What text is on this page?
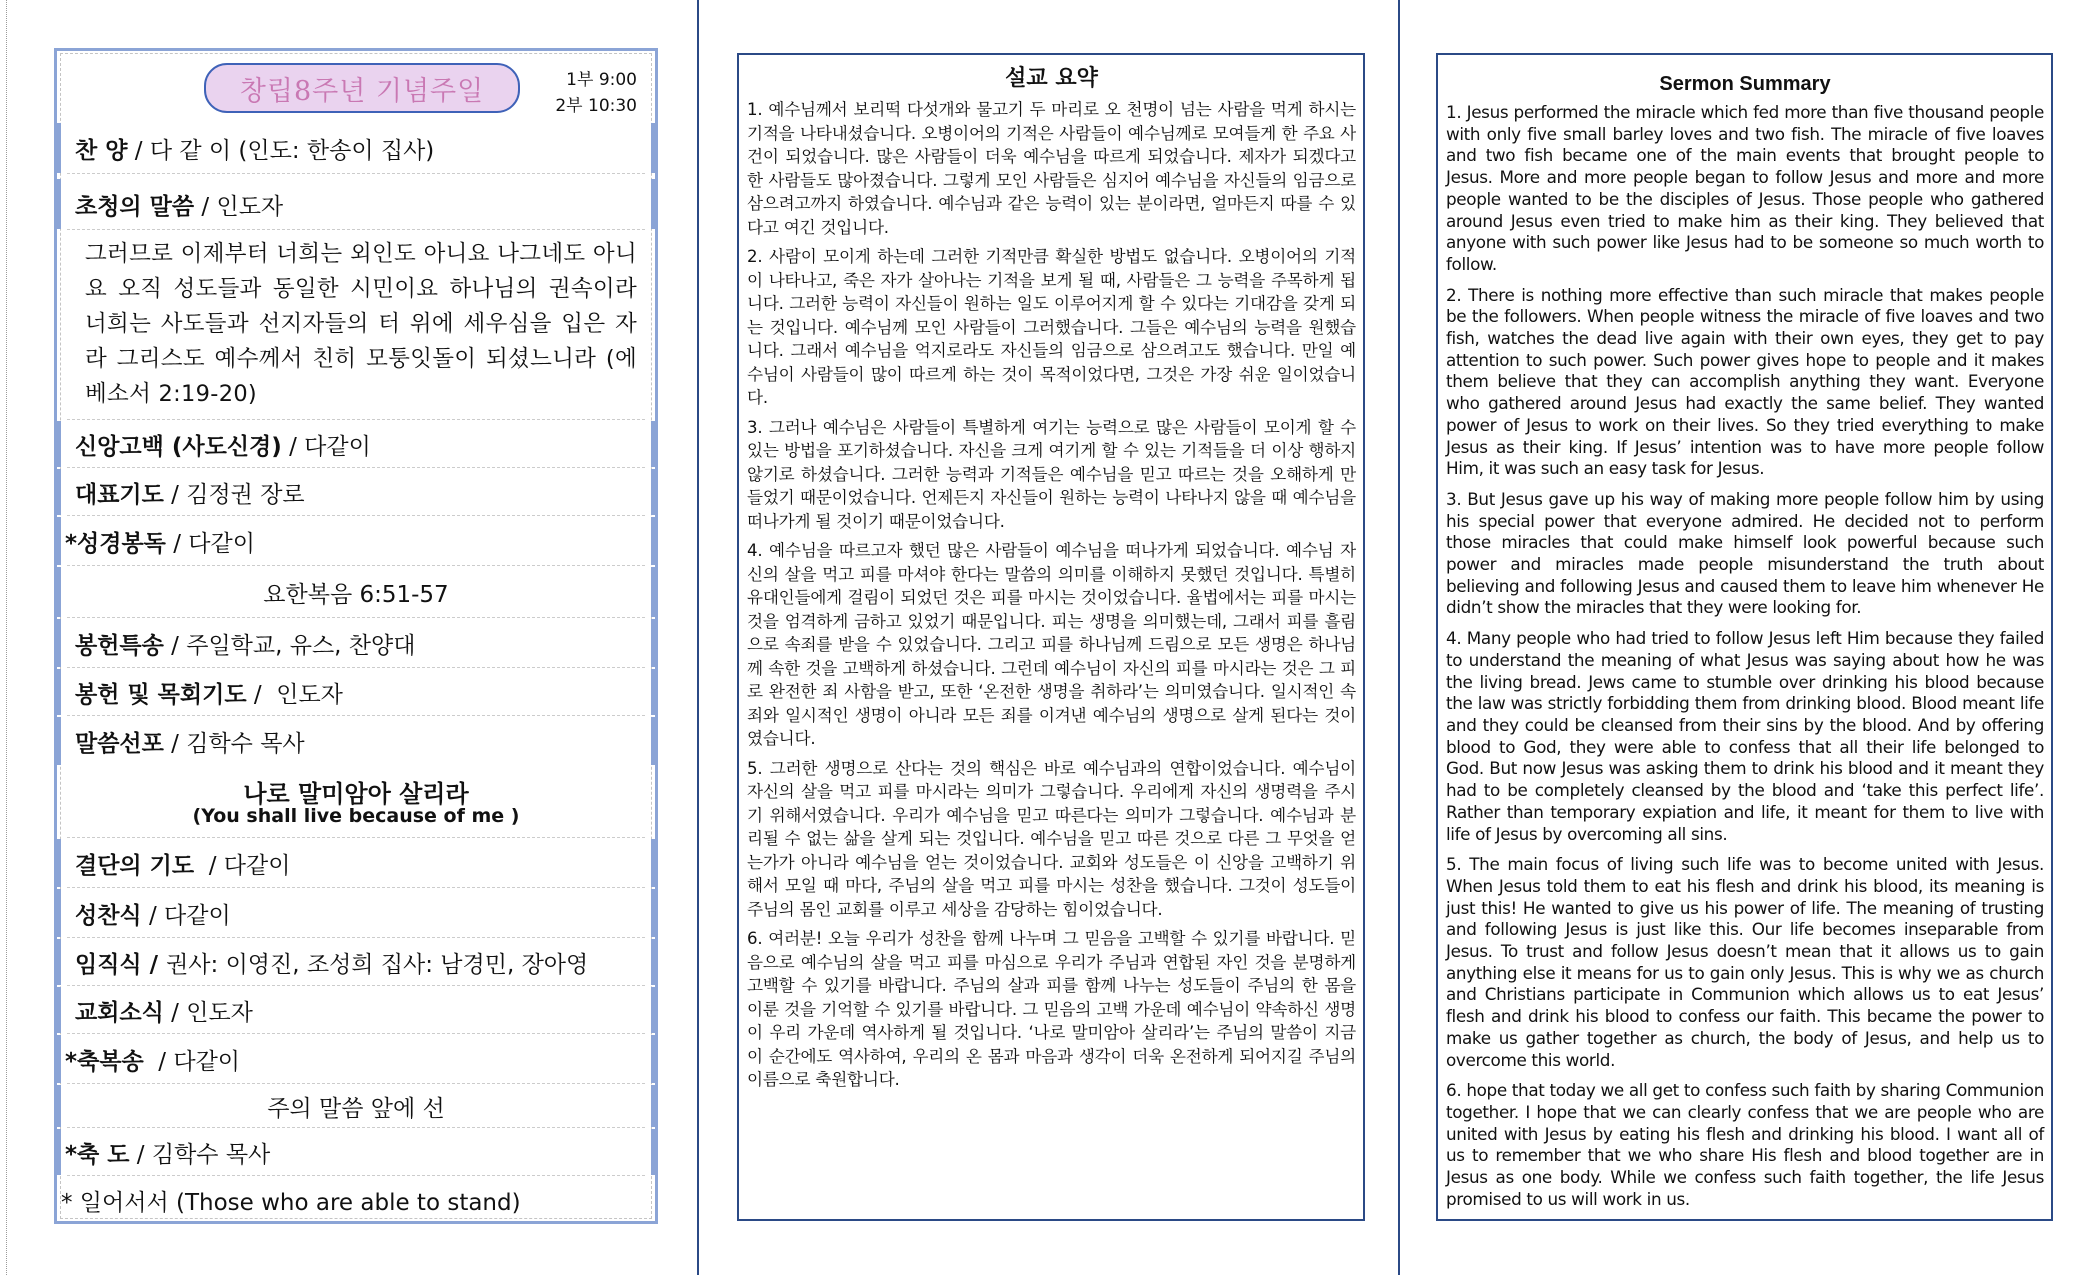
창립8주년 기념주일	1부 9:00
2부 10:30
찬 양 / 다 같 이 (인도: 한송이 집사)
초청의 말씀 / 인도자
그러므로 이제부터 너희는 외인도 아니요 나그네도 아니요 오직 성도들과 동일한 시민이요 하나님의 권속이라 너희는 사도들과 선지자들의 터 위에 세우심을 입은 자라 그리스도 예수께서 친히 모퉁잇돌이 되셨느니라 (에베소서 2:19-20)
신앙고백 (사도신경) / 다같이
대표기도 / 김정권 장로
*성경봉독 / 다같이
요한복음 6:51-57
봉헌특송 / 주일학교, 유스, 찬양대
봉헌 및 목회기도 /  인도자
말씀선포 / 김학수 목사
나로 말미암아 살리라
(You shall live because of me )
결단의 기도 / 다같이
성찬식 / 다같이
임직식 / 권사: 이영진, 조성희 집사: 남경민, 장아영
교회소식 / 인도자
*축복송 / 다같이
주의 말씀 앞에 선
*축 도 / 김학수 목사
* 일어서서 (Those who are able to stand)
설교 요약

1. 예수님께서 보리떡 다섯개와 물고기 두 마리로 오 천명이 넘는 사람을 먹게 하시는 기적을 나타내셨습니다. 오병이어의 기적은 사람들이 예수님께로 모여들게 한 주요 사건이 되었습니다. 많은 사람들이 더욱 예수님을 따르게 되었습니다. 제자가 되겠다고 한 사람들도 많아졌습니다. 그렇게 모인 사람들은 심지어 예수님을 자신들의 임금으로 삼으려고까지 하였습니다. 예수님과 같은 능력이 있는 분이라면, 얼마든지 따를 수 있다고 여긴 것입니다.

2. 사람이 모이게 하는데 그러한 기적만큼 확실한 방법도 없습니다. 오병이어의 기적이 나타나고, 죽은 자가 살아나는 기적을 보게 될 때, 사람들은 그 능력을 주목하게 됩니다. 그러한 능력이 자신들이 원하는 일도 이루어지게 할 수 있다는 기대감을 갖게 되는 것입니다. 예수님께 모인 사람들이 그러했습니다. 그들은 예수님의 능력을 원했습니다. 그래서 예수님을 억지로라도 자신들의 임금으로 삼으려고도 했습니다. 만일 예수님이 사람들이 많이 따르게 하는 것이 목적이었다면, 그것은 가장 쉬운 일이었습니다.

3. 그러나 예수님은 사람들이 특별하게 여기는 능력으로 많은 사람들이 모이게 할 수 있는 방법을 포기하셨습니다. 자신을 크게 여기게 할 수 있는 기적들을 더 이상 행하지 않기로 하셨습니다. 그러한 능력과 기적들은 예수님을 믿고 따르는 것을 오해하게 만들었기 때문이었습니다. 언제든지 자신들이 원하는 능력이 나타나지 않을 때 예수님을 떠나가게 될 것이기 때문이었습니다.

4. 예수님을 따르고자 했던 많은 사람들이 예수님을 떠나가게 되었습니다. 예수님 자신의 살을 먹고 피를 마셔야 한다는 말씀의 의미를 이해하지 못했던 것입니다. 특별히 유대인들에게 걸림이 되었던 것은 피를 마시는 것이었습니다. 율법에서는 피를 마시는 것을 엄격하게 금하고 있었기 때문입니다. 피는 생명을 의미했는데, 그래서 피를 흘림으로 속죄를 받을 수 있었습니다. 그리고 피를 하나님께 드림으로 모든 생명은 하나님께 속한 것을 고백하게 하셨습니다. 그런데 예수님이 자신의 피를 마시라는 것은 그 피로 완전한 죄 사함을 받고, 또한 ‘온전한 생명을 취하라’는 의미였습니다. 일시적인 속죄와 일시적인 생명이 아니라 모든 죄를 이겨낸 예수님의 생명으로 살게 된다는 것이였습니다.

5. 그러한 생명으로 산다는 것의 핵심은 바로 예수님과의 연합이었습니다. 예수님이 자신의 살을 먹고 피를 마시라는 의미가 그렇습니다. 우리에게 자신의 생명력을 주시기 위해서였습니다. 우리가 예수님을 믿고 따른다는 의미가 그렇습니다. 예수님과 분리될 수 없는 삶을 살게 되는 것입니다. 예수님을 믿고 따른 것으로 다른 그 무엇을 얻는가가 아니라 예수님을 얻는 것이었습니다. 교회와 성도들은 이 신앙을 고백하기 위해서 모일 때 마다, 주님의 살을 먹고 피를 마시는 성찬을 했습니다. 그것이 성도들이 주님의 몸인 교회를 이루고 세상을 감당하는 힘이었습니다.

6. 여러분! 오늘 우리가 성찬을 함께 나누며 그 믿음을 고백할 수 있기를 바랍니다. 믿음으로 예수님의 살을 먹고 피를 마심으로 우리가 주님과 연합된 자인 것을 분명하게 고백할 수 있기를 바랍니다. 주님의 살과 피를 함께 나누는 성도들이 주님의 한 몸을 이룬 것을 기억할 수 있기를 바랍니다. 그 믿음의 고백 가운데 예수님이 약속하신 생명이 우리 가운데 역사하게 될 것입니다. ‘나로 말미암아 살리라’는 주님의 말씀이 지금 이 순간에도 역사하여, 우리의 온 몸과 마음과 생각이 더욱 온전하게 되어지길 주님의 이름으로 축원합니다.

Sermon Summary

1. Jesus performed the miracle which fed more than five thousand people with only five small barley loves and two fish. The miracle of five loaves and two fish became one of the main events that brought people to Jesus. More and more people began to follow Jesus and more and more people wanted to be the disciples of Jesus. Those people who gathered around Jesus even tried to make him as their king. They believed that anyone with such power like Jesus had to be someone so much worth to follow.

2. There is nothing more effective than such miracle that makes people be the followers. When people witness the miracle of five loaves and two fish, watches the dead live again with their own eyes, they get to pay attention to such power. Such power gives hope to people and it makes them believe that they can accomplish anything they want. Everyone who gathered around Jesus had exactly the same belief. They wanted power of Jesus to work on their lives. So they tried everything to make Jesus as their king. If Jesus’ intention was to have more people follow Him, it was such an easy task for Jesus.

3. But Jesus gave up his way of making more people follow him by using his special power that everyone admired. He decided not to perform those miracles that could make himself look powerful because such power and miracles made people misunderstand the truth about believing and following Jesus and caused them to leave him whenever He didn’t show the miracles that they were looking for.

4. Many people who had tried to follow Jesus left Him because they failed to understand the meaning of what Jesus was saying about how he was the living bread. Jews came to stumble over drinking his blood because the law was strictly forbidding them from drinking blood. Blood meant life and they could be cleansed from their sins by the blood. And by offering blood to God, they were able to confess that all their life belonged to God. But now Jesus was asking them to drink his blood and it meant they had to be completely cleansed by the blood and ‘take this perfect life’. Rather than temporary expiation and life, it meant for them to live with life of Jesus by overcoming all sins.

5. The main focus of living such life was to become united with Jesus. When Jesus told them to eat his flesh and drink his blood, its meaning is just this! He wanted to give us his power of life. The meaning of trusting and following Jesus is just like this. Our life becomes inseparable from Jesus. To trust and follow Jesus doesn’t mean that it allows us to gain anything else it means for us to gain only Jesus. This is why we as church and Christians participate in Communion which allows us to eat Jesus’ flesh and drink his blood to confess our faith. This became the power to make us gather together as church, the body of Jesus, and help us to overcome this world.

6. hope that today we all get to confess such faith by sharing Communion together. I hope that we can clearly confess that we are people who are united with Jesus by eating his flesh and drinking his blood. I want all of us to remember that we who share His flesh and blood together are in Jesus as one body. While we confess such faith together, the life Jesus promised to us will work in us.
